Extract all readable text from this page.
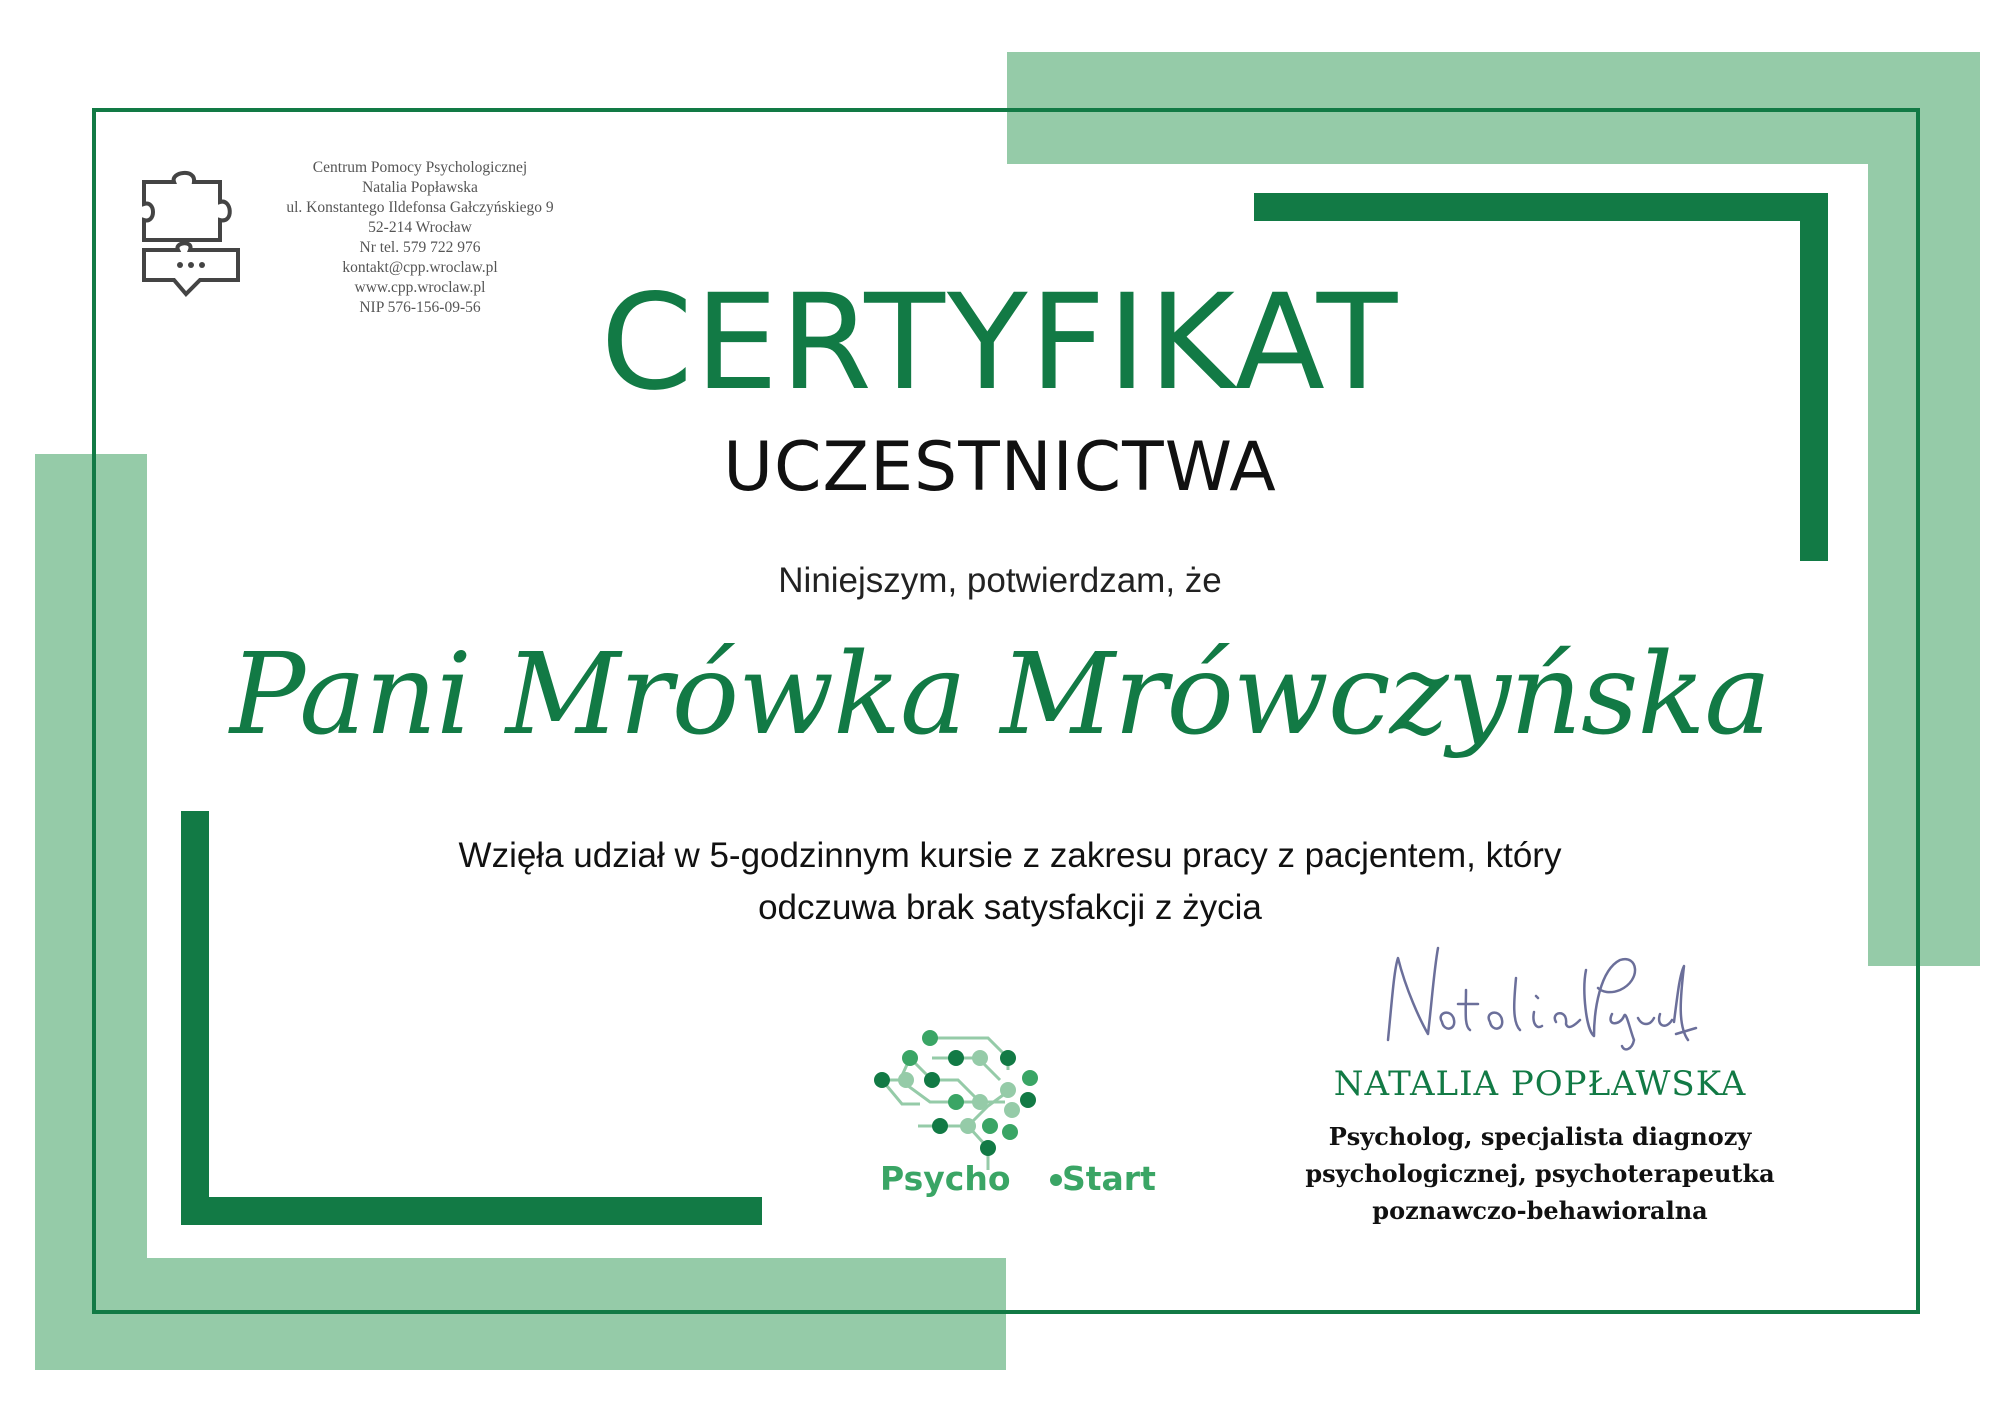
Centrum Pomocy Psychologicznej
Natalia Popławska
ul. Konstantego Ildefonsa Gałczyńskiego 9
52-214 Wrocław
Nr tel. 579 722 976
kontakt@cpp.wroclaw.pl
www.cpp.wroclaw.pl
NIP 576-156-09-56 CERTYFIKAT
UCZESTNICTWA
Niniejszym, potwierdzam, że
Pani Mrówka Mrówczyńska
Wzięła udział w 5-godzinnym kursie z zakresu pracy z pacjentem, który
odczuwa brak satysfakcji z życia
Psycho Start
NATALIA POPŁAWSKA
Psycholog, specjalista diagnozy
psychologicznej, psychoterapeutka
poznawczo-behawioralna
